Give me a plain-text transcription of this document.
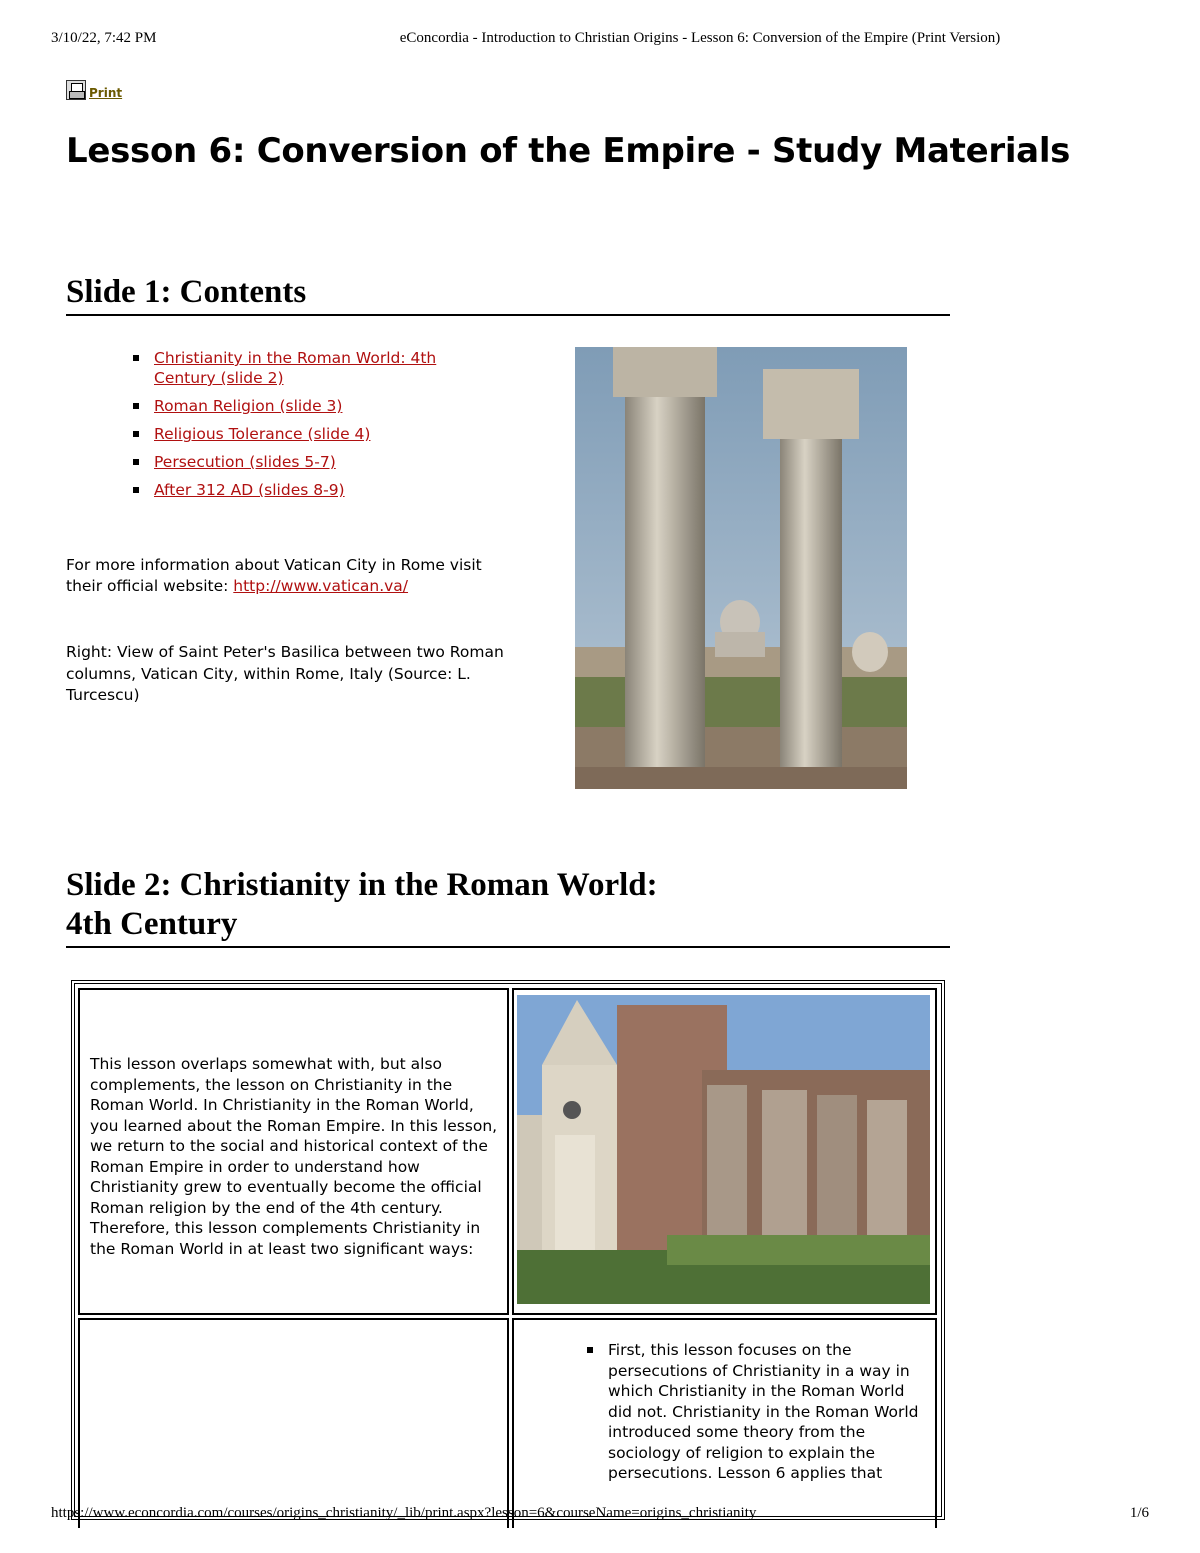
3/10/22, 7:42 PM	eConcordia - Introduction to Christian Origins - Lesson 6: Conversion of the Empire (Print Version)
Print
Lesson 6: Conversion of the Empire - Study Materials
Slide 1: Contents
Christianity in the Roman World: 4th Century (slide 2)
Roman Religion (slide 3)
Religious Tolerance (slide 4)
Persecution (slides 5-7)
After 312 AD (slides 8-9)
For more information about Vatican City in Rome visit their official website: http://www.vatican.va/
Right: View of Saint Peter's Basilica between two Roman columns, Vatican City, within Rome, Italy (Source: L. Turcescu)
Slide 2: Christianity in the Roman World:
4th Century
This lesson overlaps somewhat with, but also complements, the lesson on Christianity in the Roman World. In Christianity in the Roman World, you learned about the Roman Empire. In this lesson, we return to the social and historical context of the Roman Empire in order to understand how Christianity grew to eventually become the official Roman religion by the end of the 4th century. Therefore, this lesson complements Christianity in the Roman World in at least two significant ways:
First, this lesson focuses on the persecutions of Christianity in a way in which Christianity in the Roman World did not. Christianity in the Roman World introduced some theory from the sociology of religion to explain the persecutions. Lesson 6 applies that
https://www.econcordia.com/courses/origins_christianity/_lib/print.aspx?lesson=6&courseName=origins_christianity	1/6
